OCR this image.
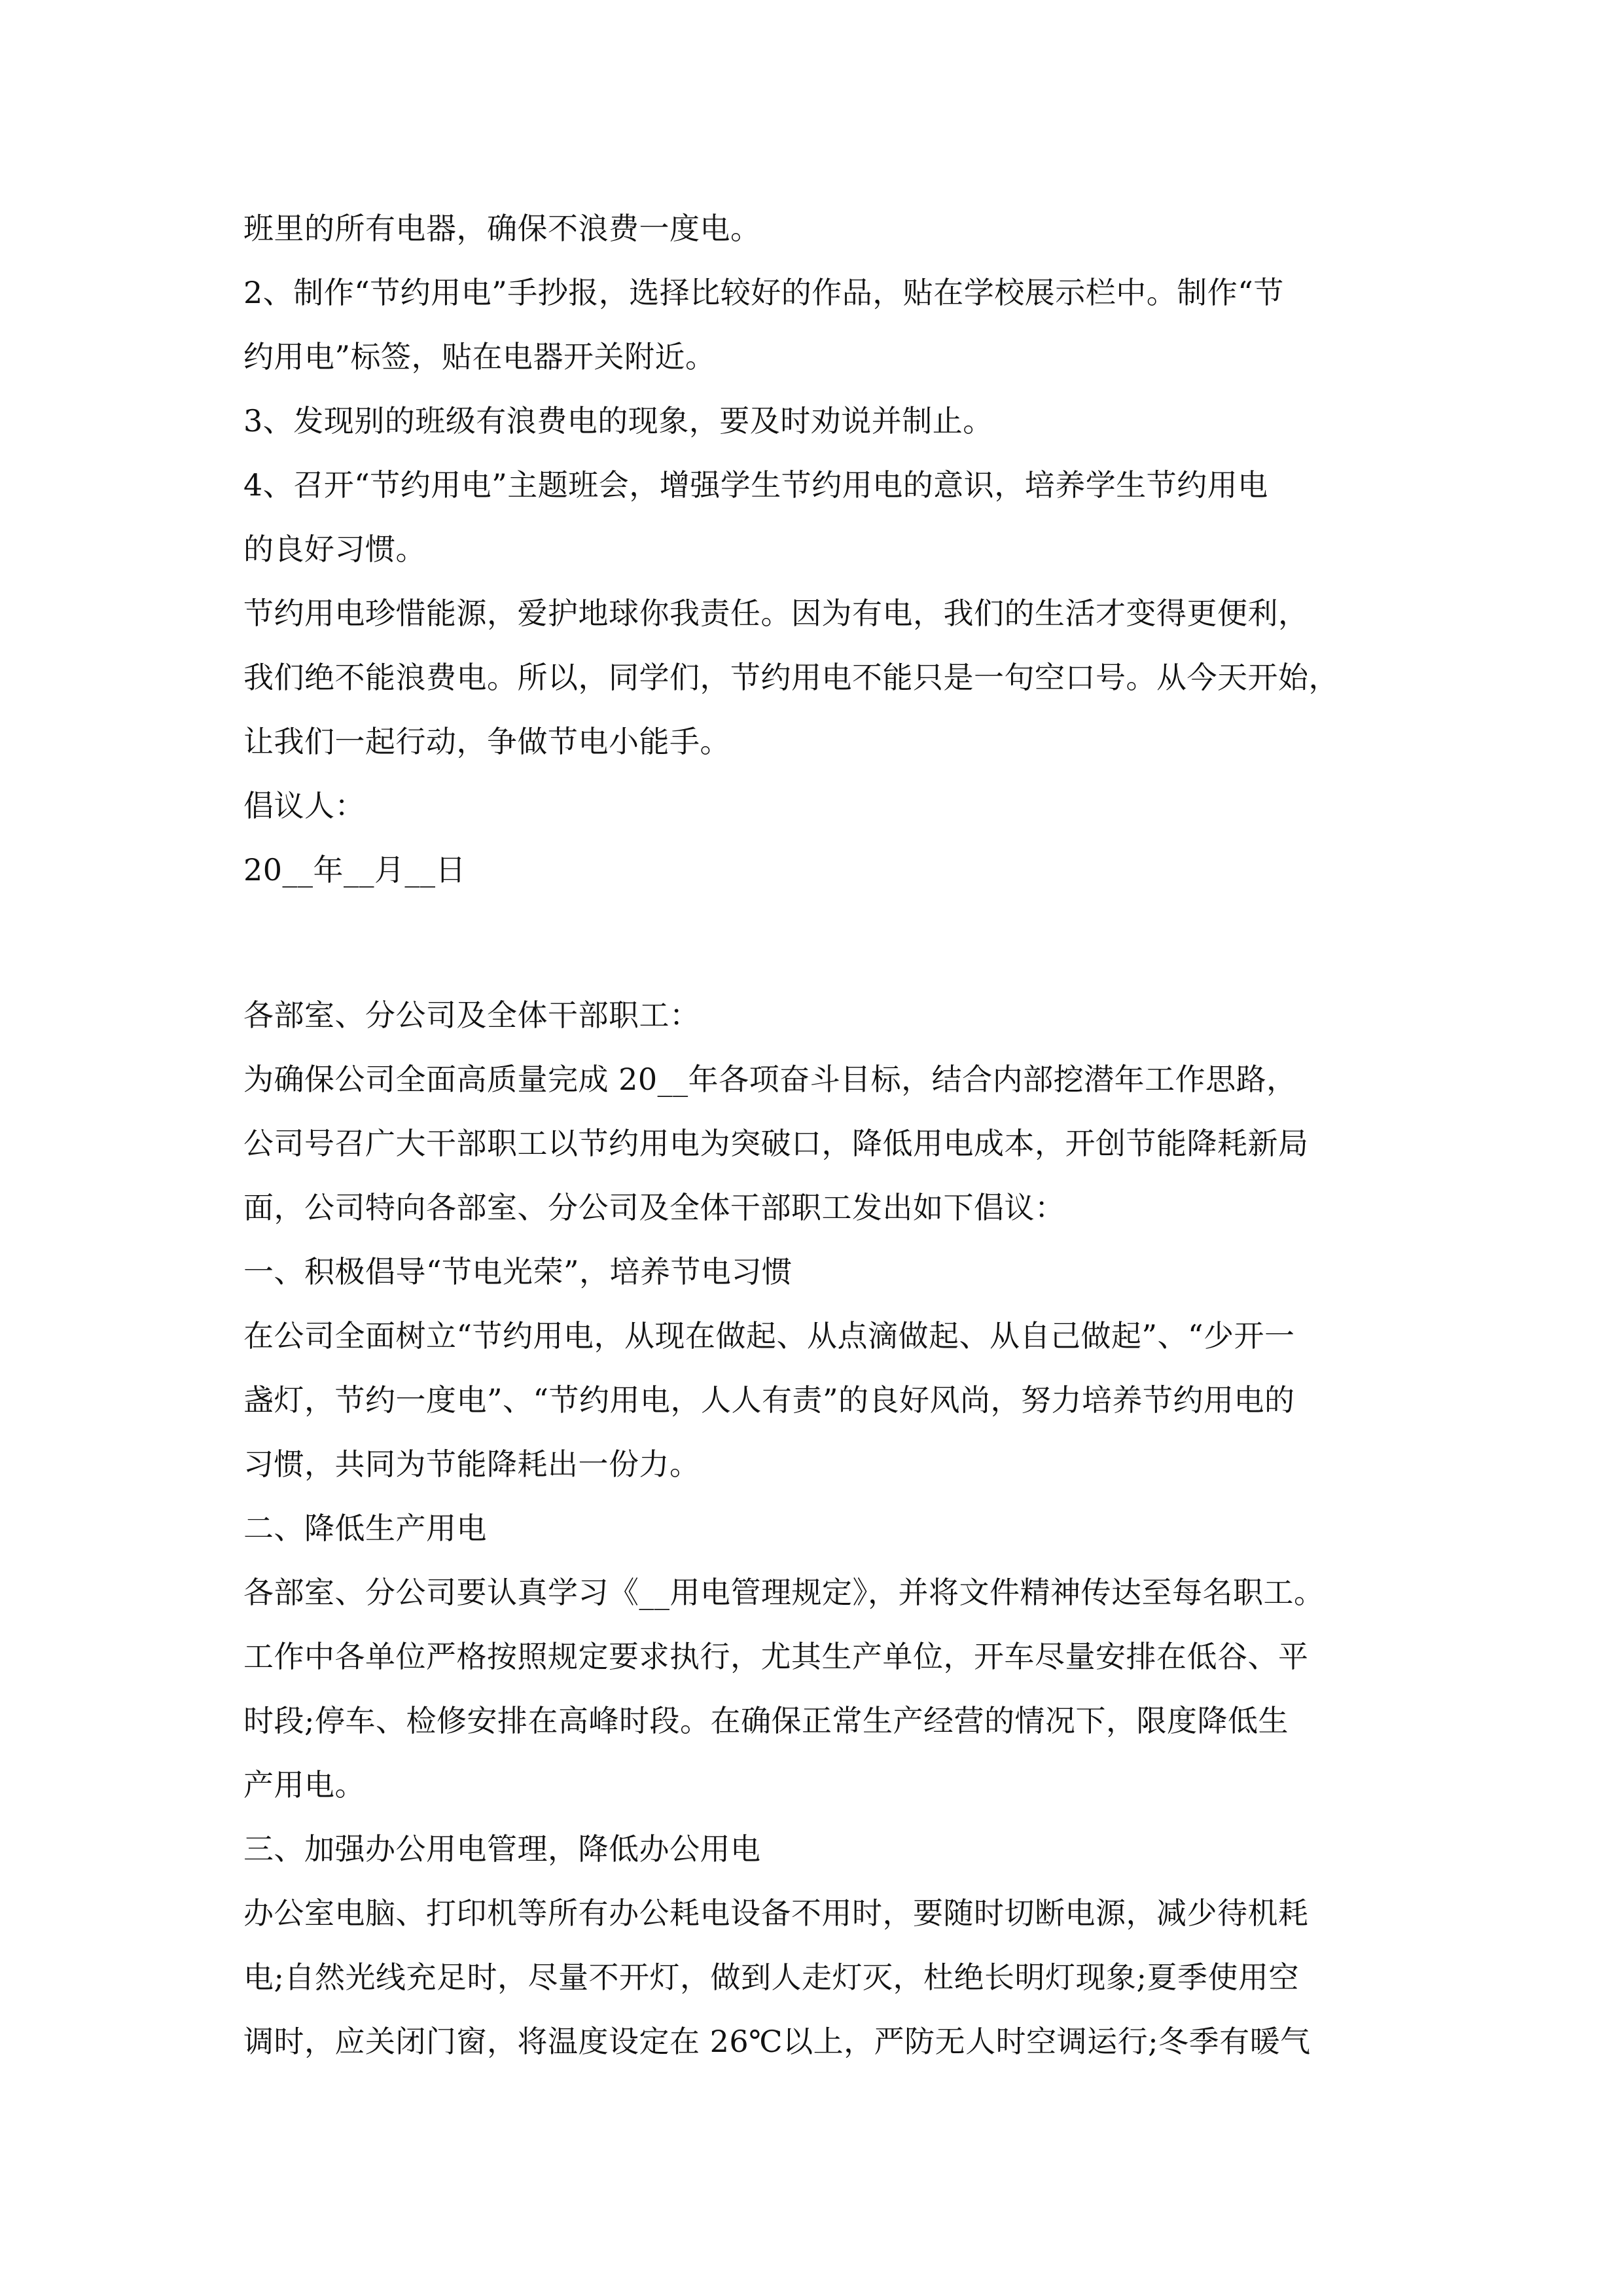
班里的所有电器，确保不浪费一度电。
2、制作“节约用电”手抄报，选择比较好的作品，贴在学校展示栏中。制作“节
约用电”标签，贴在电器开关附近。
3、发现别的班级有浪费电的现象，要及时劝说并制止。
4、召开“节约用电”主题班会，增强学生节约用电的意识，培养学生节约用电
的良好习惯。
节约用电珍惜能源，爱护地球你我责任。因为有电，我们的生活才变得更便利，
我们绝不能浪费电。所以，同学们，节约用电不能只是一句空口号。从今天开始，
让我们一起行动，争做节电小能手。
倡议人：
20__年__月__日
各部室、分公司及全体干部职工：
为确保公司全面高质量完成 20__年各项奋斗目标，结合内部挖潜年工作思路，
公司号召广大干部职工以节约用电为突破口，降低用电成本，开创节能降耗新局
面，公司特向各部室、分公司及全体干部职工发出如下倡议：
一、积极倡导“节电光荣”，培养节电习惯
在公司全面树立“节约用电，从现在做起、从点滴做起、从自己做起”、“少开一
盏灯，节约一度电”、“节约用电，人人有责”的良好风尚，努力培养节约用电的
习惯，共同为节能降耗出一份力。
二、降低生产用电
各部室、分公司要认真学习《__用电管理规定》，并将文件精神传达至每名职工。
工作中各单位严格按照规定要求执行，尤其生产单位，开车尽量安排在低谷、平
时段;停车、检修安排在高峰时段。在确保正常生产经营的情况下，限度降低生
产用电。
三、加强办公用电管理，降低办公用电
办公室电脑、打印机等所有办公耗电设备不用时，要随时切断电源，减少待机耗
电;自然光线充足时，尽量不开灯，做到人走灯灭，杜绝长明灯现象;夏季使用空
调时，应关闭门窗，将温度设定在 26℃以上，严防无人时空调运行;冬季有暖气
